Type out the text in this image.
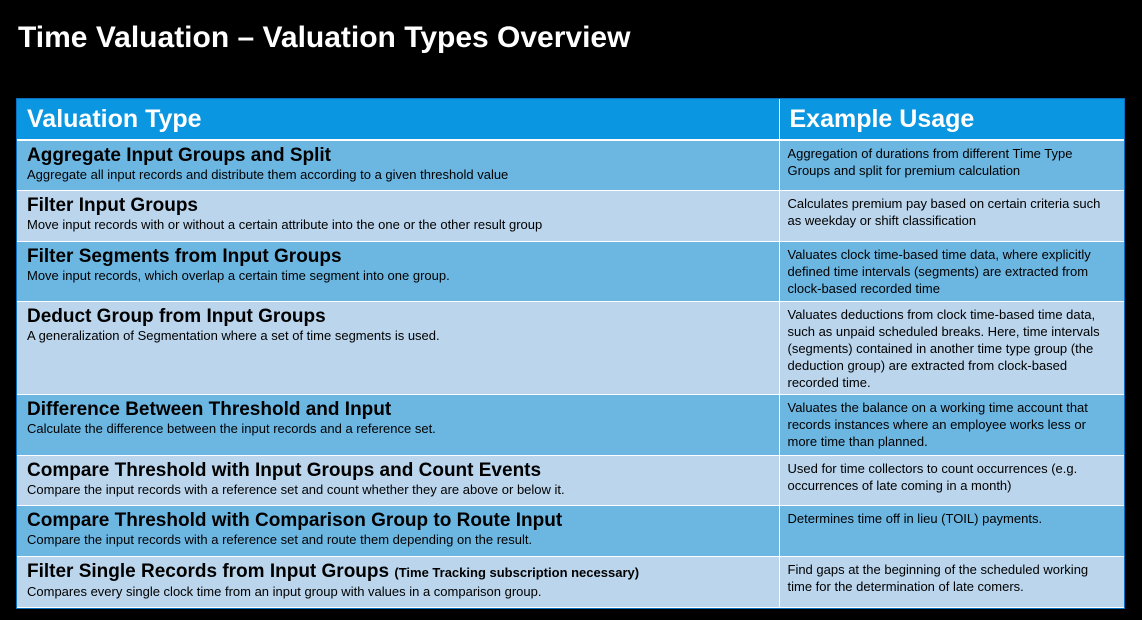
Time Valuation – Valuation Types Overview
Valuation Type	Example Usage

Aggregate Input Groups and Split
Aggregate all input records and distribute them according to a given threshold value	Aggregation of durations from different Time Type Groups and split for premium calculation

Filter Input Groups
Move input records with or without a certain attribute into the one or the other result group	Calculates premium pay based on certain criteria such as weekday or shift classification

Filter Segments from Input Groups
Move input records, which overlap a certain time segment into one group.	Valuates clock time-based time data, where explicitly defined time intervals (segments) are extracted from clock-based recorded time

Deduct Group from Input Groups
A generalization of Segmentation where a set of time segments is used.	Valuates deductions from clock time-based time data, such as unpaid scheduled breaks. Here, time intervals (segments) contained in another time type group (the deduction group) are extracted from clock-based recorded time.

Difference Between Threshold and Input
Calculate the difference between the input records and a reference set.	Valuates the balance on a working time account that records instances where an employee works less or more time than planned.

Compare Threshold with Input Groups and Count Events
Compare the input records with a reference set and count whether they are above or below it.	Used for time collectors to count occurrences (e.g. occurrences of late coming in a month)

Compare Threshold with Comparison Group to Route Input
Compare the input records with a reference set and route them depending on the result.	Determines time off in lieu (TOIL) payments.

Filter Single Records from Input Groups (Time Tracking subscription necessary)
Compares every single clock time from an input group with values in a comparison group.	Find gaps at the beginning of the scheduled working time for the determination of late comers.
